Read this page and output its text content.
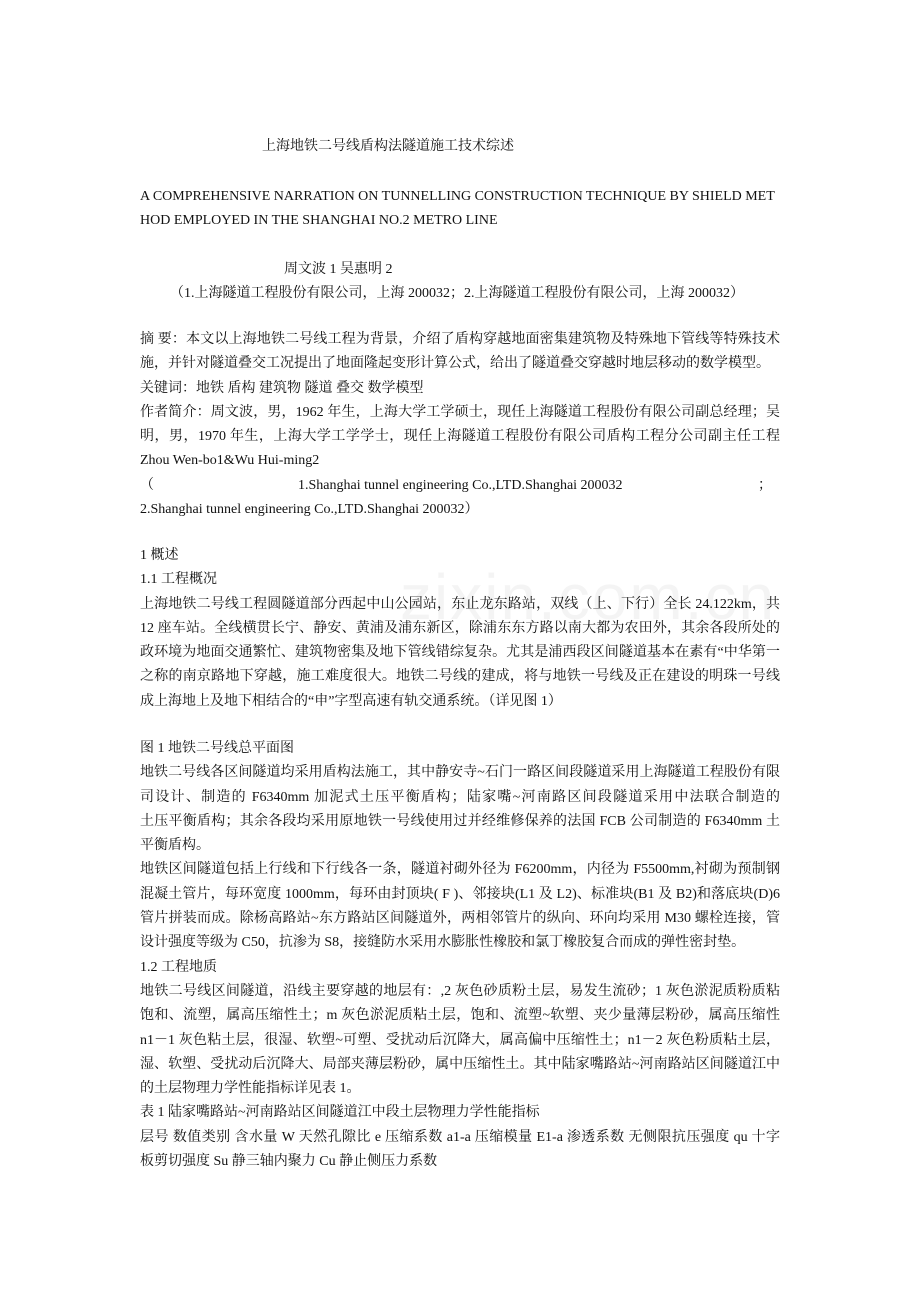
上海地铁二号线盾构法隧道施工技术综述
A COMPREHENSIVE NARRATION ON TUNNELLING CONSTRUCTION TECHNIQUE BY SHIELD MET
HOD EMPLOYED IN THE SHANGHAI NO.2 METRO LINE
周文波 1 吴惠明 2
（1.上海隧道工程股份有限公司，上海 200032；2.上海隧道工程股份有限公司，上海 200032）
摘 要：本文以上海地铁二号线工程为背景，介绍了盾构穿越地面密集建筑物及特殊地下管线等特殊技术
施，并针对隧道叠交工况提出了地面隆起变形计算公式，给出了隧道叠交穿越时地层移动的数学模型。
关键词：地铁 盾构 建筑物 隧道 叠交 数学模型
作者简介：周文波，男，1962 年生，上海大学工学硕士，现任上海隧道工程股份有限公司副总经理；吴
明，男，1970 年生，上海大学工学学士，现任上海隧道工程股份有限公司盾构工程分公司副主任工程
Zhou Wen-bo1&Wu Hui-ming2
（	1.Shanghai tunnel engineering Co.,LTD.Shanghai 200032	；
2.Shanghai tunnel engineering Co.,LTD.Shanghai 200032）
1 概述
1.1 工程概况
上海地铁二号线工程圆隧道部分西起中山公园站，东止龙东路站，双线（上、下行）全长 24.122km，共
12 座车站。全线横贯长宁、静安、黄浦及浦东新区，除浦东东方路以南大都为农田外，其余各段所处的
政环境为地面交通繁忙、建筑物密集及地下管线错综复杂。尤其是浦西段区间隧道基本在素有“中华第一
之称的南京路地下穿越，施工难度很大。地铁二号线的建成，将与地铁一号线及正在建设的明珠一号线
成上海地上及地下相结合的“申”字型高速有轨交通系统。（详见图 1）
图 1 地铁二号线总平面图
地铁二号线各区间隧道均采用盾构法施工，其中静安寺~石门一路区间段隧道采用上海隧道工程股份有限
司设计、制造的 F6340mm 加泥式土压平衡盾构；陆家嘴~河南路区间段隧道采用中法联合制造的
土压平衡盾构；其余各段均采用原地铁一号线使用过并经维修保养的法国 FCB 公司制造的 F6340mm 土
平衡盾构。
地铁区间隧道包括上行线和下行线各一条，隧道衬砌外径为 F6200mm，内径为 F5500mm,衬砌为预制钢
混凝土管片，每环宽度 1000mm，每环由封顶块( F )、邻接块(L1 及 L2)、标准块(B1 及 B2)和落底块(D)6
管片拼装而成。除杨高路站~东方路站区间隧道外，两相邻管片的纵向、环向均采用 M30 螺栓连接，管
设计强度等级为 C50，抗渗为 S8，接缝防水采用水膨胀性橡胶和氯丁橡胶复合而成的弹性密封垫。
1.2 工程地质
地铁二号线区间隧道，沿线主要穿越的地层有：,2 灰色砂质粉土层，易发生流砂；1 灰色淤泥质粉质粘
饱和、流塑，属高压缩性土；m 灰色淤泥质粘土层，饱和、流塑~软塑、夹少量薄层粉砂，属高压缩性
n1－1 灰色粘土层，很湿、软塑~可塑、受扰动后沉降大，属高偏中压缩性土；n1－2 灰色粉质粘土层，
湿、软塑、受扰动后沉降大、局部夹薄层粉砂，属中压缩性土。其中陆家嘴路站~河南路站区间隧道江中
的土层物理力学性能指标详见表 1。
表 1 陆家嘴路站~河南路站区间隧道江中段土层物理力学性能指标
层号 数值类别 含水量 W 天然孔隙比 e 压缩系数 a1-a 压缩模量 E1-a 渗透系数 无侧限抗压强度 qu 十字
板剪切强度 Su 静三轴内聚力 Cu 静止侧压力系数
